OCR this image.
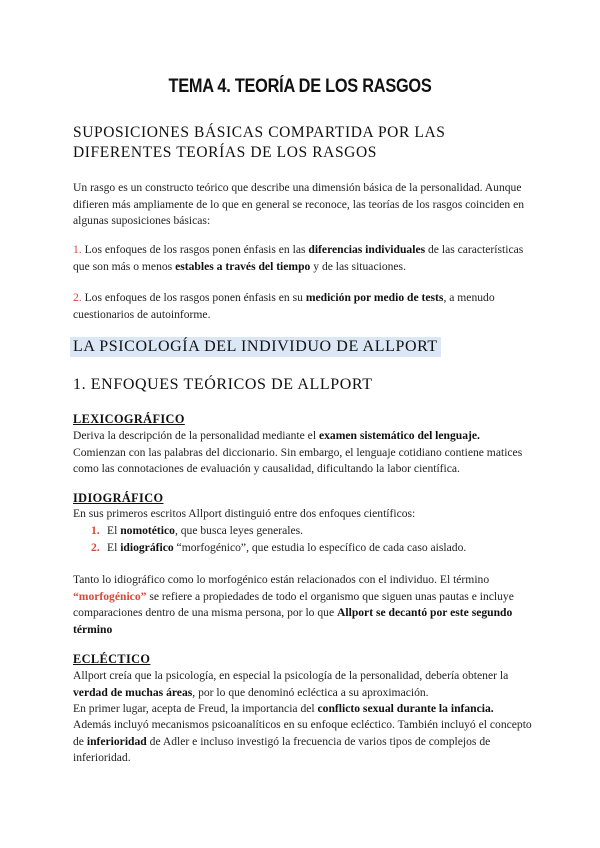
TEMA 4. TEORÍA DE LOS RASGOS
SUPOSICIONES BÁSICAS COMPARTIDA POR LAS
DIFERENTES TEORÍAS DE LOS RASGOS

Un rasgo es un constructo teórico que describe una dimensión básica de la personalidad. Aunque difieren más ampliamente de lo que en general se reconoce, las teorías de los rasgos coinciden en algunas suposiciones básicas:

1. Los enfoques de los rasgos ponen énfasis en las diferencias individuales de las características que son más o menos estables a través del tiempo y de las situaciones.

2. Los enfoques de los rasgos ponen énfasis en su medición por medio de tests, a menudo cuestionarios de autoinforme.

LA PSICOLOGÍA DEL INDIVIDUO DE ALLPORT
1. ENFOQUES TEÓRICOS DE ALLPORT
LEXICOGRÁFICO

Deriva la descripción de la personalidad mediante el examen sistemático del lenguaje. Comienzan con las palabras del diccionario. Sin embargo, el lenguaje cotidiano contiene matices como las connotaciones de evaluación y causalidad, dificultando la labor científica.

IDIOGRÁFICO

En sus primeros escritos Allport distinguió entre dos enfoques científicos:

1. El nomotético, que busca leyes generales.

2. El idiográfico “morfogénico”, que estudia lo específico de cada caso aislado.

Tanto lo idiográfico como lo morfogénico están relacionados con el individuo. El término “morfogénico” se refiere a propiedades de todo el organismo que siguen unas pautas e incluye comparaciones dentro de una misma persona, por lo que Allport se decantó por este segundo término

ECLÉCTICO

Allport creía que la psicología, en especial la psicología de la personalidad, debería obtener la verdad de muchas áreas, por lo que denominó ecléctica a su aproximación.

En primer lugar, acepta de Freud, la importancia del conflicto sexual durante la infancia.

Además incluyó mecanismos psicoanalíticos en su enfoque ecléctico. También incluyó el concepto de inferioridad de Adler e incluso investigó la frecuencia de varios tipos de complejos de inferioridad.
